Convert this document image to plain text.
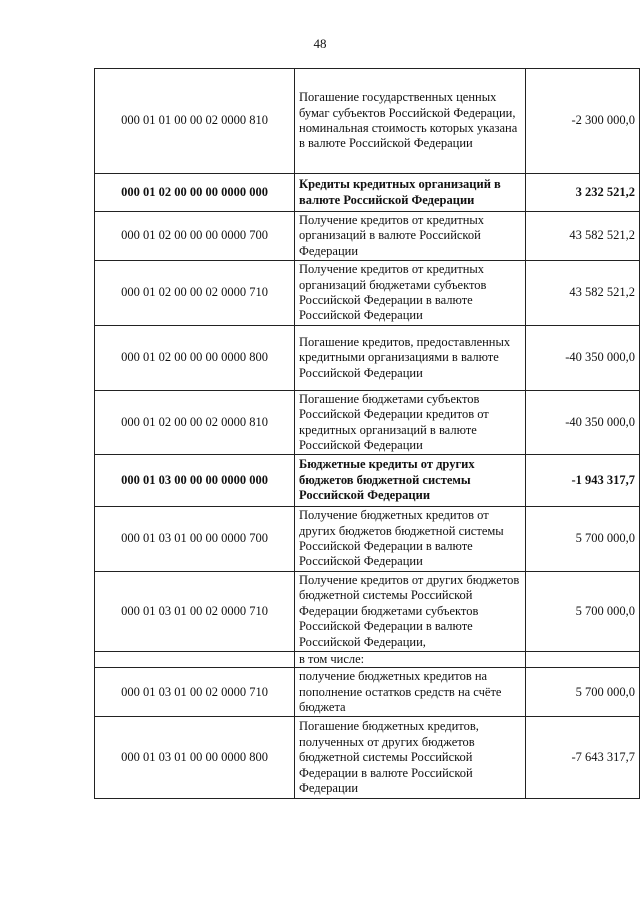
48
000 01 01 00 00 02 0000 810	Погашение государственных ценных бумаг субъектов Российской Федерации, номинальная стоимость которых указана в валюте Российской Федерации	-2 300 000,0
000 01 02 00 00 00 0000 000	Кредиты кредитных организаций в валюте Российской Федерации	3 232 521,2
000 01 02 00 00 00 0000 700	Получение кредитов от кредитных организаций в валюте Российской Федерации	43 582 521,2
000 01 02 00 00 02 0000 710	Получение кредитов от кредитных организаций бюджетами субъектов Российской Федерации в валюте Российской Федерации	43 582 521,2
000 01 02 00 00 00 0000 800	Погашение кредитов, предоставленных кредитными организациями в валюте Российской Федерации	-40 350 000,0
000 01 02 00 00 02 0000 810	Погашение бюджетами субъектов Российской Федерации кредитов от кредитных организаций в валюте Российской Федерации	-40 350 000,0
000 01 03 00 00 00 0000 000	Бюджетные кредиты от других бюджетов бюджетной системы Российской Федерации	-1 943 317,7
000 01 03 01 00 00 0000 700	Получение бюджетных кредитов от других бюджетов бюджетной системы Российской Федерации в валюте Российской Федерации	5 700 000,0
000 01 03 01 00 02 0000 710	Получение кредитов от других бюджетов бюджетной системы Российской Федерации бюджетами субъектов Российской Федерации в валюте Российской Федерации,	5 700 000,0
	в том числе:	
000 01 03 01 00 02 0000 710	получение бюджетных кредитов на пополнение остатков средств на счёте бюджета	5 700 000,0
000 01 03 01 00 00 0000 800	Погашение бюджетных кредитов, полученных от других бюджетов бюджетной системы Российской Федерации в валюте Российской Федерации	-7 643 317,7
